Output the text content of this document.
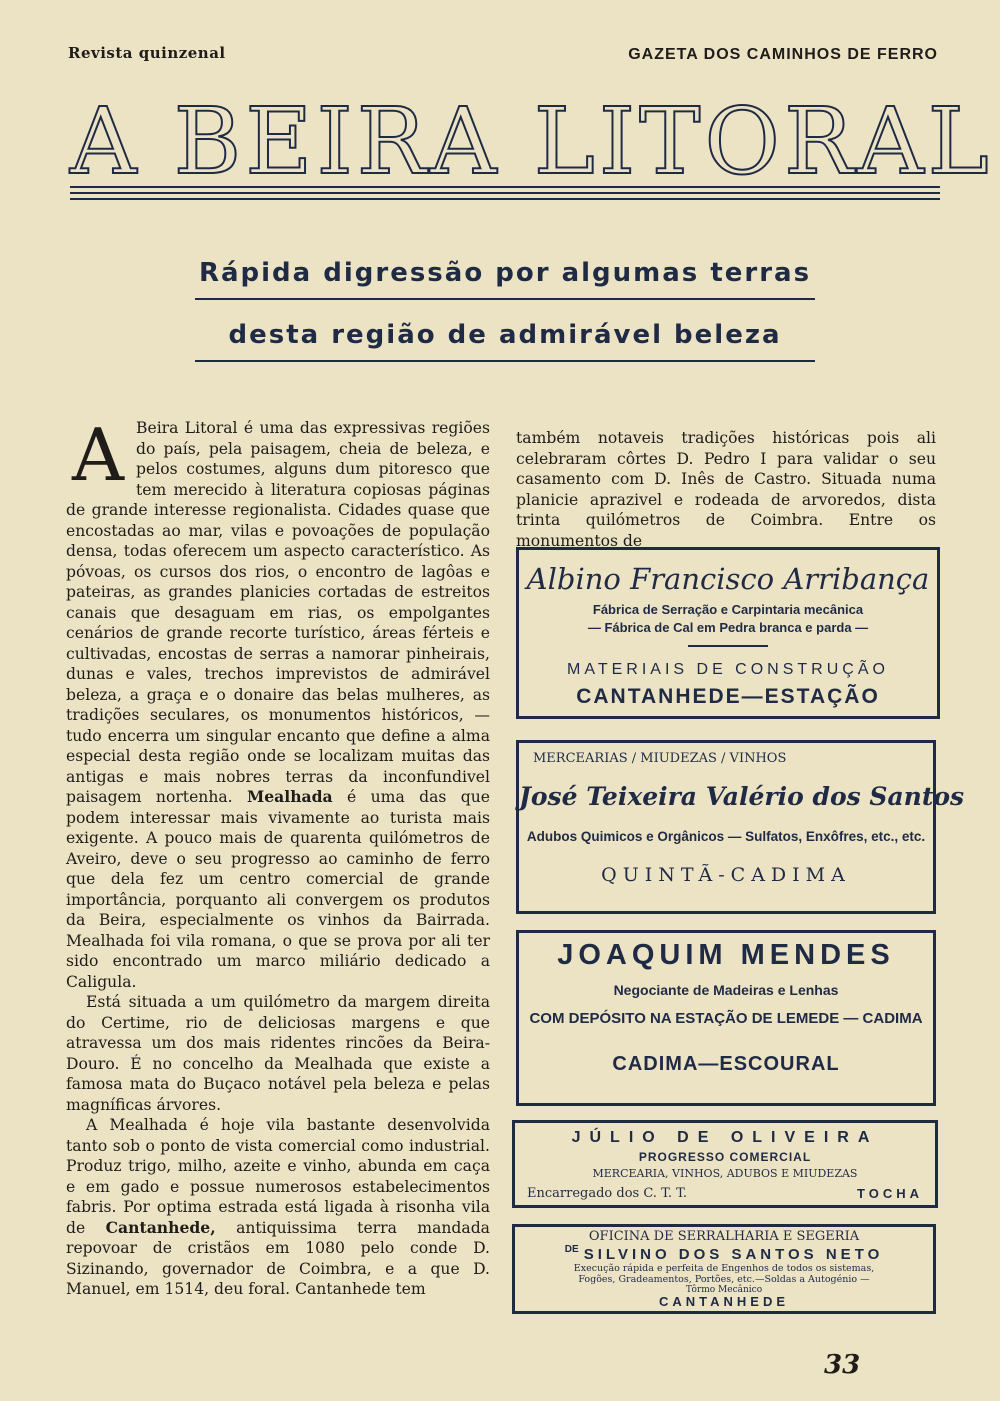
Revista quinzenal	GAZETA DOS CAMINHOS DE FERRO
A BEIRA LITORAL
Rápida digressão por algumas terras
desta região de admirável beleza

A Beira Litoral é uma das expressivas regiões do país, pela paisagem, cheia de beleza, e pelos costumes, alguns dum pitoresco que tem merecido à literatura copiosas páginas de grande interesse regionalista. Cidades quase que encostadas ao mar, vilas e povoações de população densa, todas oferecem um aspecto característico. As póvoas, os cursos dos rios, o encontro de lagôas e pateiras, as grandes planicies cortadas de estreitos canais que desaguam em rias, os empolgantes cenários de grande recorte turístico, áreas férteis e cultivadas, encostas de serras a namorar pinheirais, dunas e vales, trechos imprevistos de admirável beleza, a graça e o donaire das belas mulheres, as tradições seculares, os monumentos históricos, — tudo encerra um singular encanto que define a alma especial desta região onde se localizam muitas das antigas e mais nobres terras da inconfundivel paisagem nortenha. Mealhada é uma das que podem interessar mais vivamente ao turista mais exigente. A pouco mais de quarenta quilómetros de Aveiro, deve o seu progresso ao caminho de ferro que dela fez um centro comercial de grande importância, porquanto ali convergem os produtos da Beira, especialmente os vinhos da Bairrada. Mealhada foi vila romana, o que se prova por ali ter sido encontrado um marco miliário dedicado a Caligula.

Está situada a um quilómetro da margem direita do Certime, rio de deliciosas margens e que atravessa um dos mais ridentes rincões da Beira-Douro. É no concelho da Mealhada que existe a famosa mata do Buçaco notável pela beleza e pelas magníficas árvores.

A Mealhada é hoje vila bastante desenvolvida tanto sob o ponto de vista comercial como industrial. Produz trigo, milho, azeite e vinho, abunda em caça e em gado e possue numerosos estabelecimentos fabris. Por optima estrada está ligada à risonha vila de Cantanhede, antiquissima terra mandada repovoar de cristãos em 1080 pelo conde D. Sizinando, governador de Coimbra, e a que D. Manuel, em 1514, deu foral. Cantanhede tem

também notaveis tradições históricas pois ali celebraram côrtes D. Pedro I para validar o seu casamento com D. Inês de Castro. Situada numa planicie aprazivel e rodeada de arvoredos, dista trinta quilómetros de Coimbra. Entre os monumentos de
Albino Francisco Arribança
Fábrica de Serração e Carpintaria mecânica
— Fábrica de Cal em Pedra branca e parda —
MATERIAIS DE CONSTRUÇÃO
CANTANHEDE—ESTAÇÃO
MERCEARIAS / MIUDEZAS / VINHOS
José Teixeira Valério dos Santos
Adubos Quimicos e Orgânicos — Sulfatos, Enxôfres, etc., etc.
QUINTÃ-CADIMA
JOAQUIM MENDES
Negociante de Madeiras e Lenhas
COM DEPÓSITO NA ESTAÇÃO DE LEMEDE — CADIMA
CADIMA—ESCOURAL
JÚLIO DE OLIVEIRA
PROGRESSO COMERCIAL
MERCEARIA, VINHOS, ADUBOS E MIUDEZAS
Encarregado dos C. T. T.	TOCHA
OFICINA DE SERRALHARIA E SEGERIA
$^{DE}$ SILVINO DOS SANTOS NETO
Execução rápida e perfeita de Engenhos de todos os sistemas,
Fogões, Gradeamentos, Portões, etc.—Soldas a Autogénio —
Tôrmo Mecânico
CANTANHEDE
33
